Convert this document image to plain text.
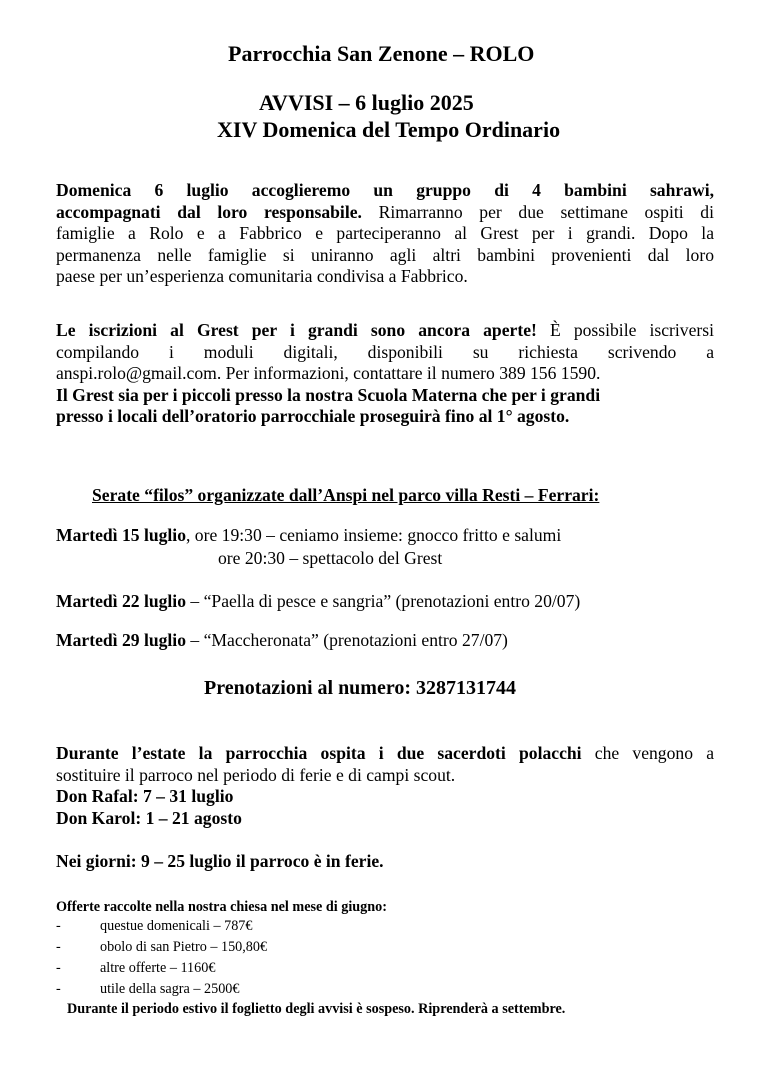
Parrocchia San Zenone – ROLO
AVVISI – 6 luglio 2025
XIV Domenica del Tempo Ordinario
Domenica 6 luglio accoglieremo un gruppo di 4 bambini sahrawi,
accompagnati dal loro responsabile. Rimarranno per due settimane ospiti di
famiglie a Rolo e a Fabbrico e parteciperanno al Grest per i grandi. Dopo la
permanenza nelle famiglie si uniranno agli altri bambini provenienti dal loro
paese per un’esperienza comunitaria condivisa a Fabbrico.
Le iscrizioni al Grest per i grandi sono ancora aperte! È possibile iscriversi
compilando i moduli digitali, disponibili su richiesta scrivendo a
anspi.rolo@gmail.com. Per informazioni, contattare il numero 389 156 1590.
Il Grest sia per i piccoli presso la nostra Scuola Materna che per i grandi
presso i locali dell’oratorio parrocchiale proseguirà fino al 1° agosto.
Serate “filos” organizzate dall’Anspi nel parco villa Resti – Ferrari:
Martedì 15 luglio, ore 19:30 – ceniamo insieme: gnocco fritto e salumi
ore 20:30 – spettacolo del Grest
Martedì 22 luglio – “Paella di pesce e sangria” (prenotazioni entro 20/07)
Martedì 29 luglio – “Maccheronata” (prenotazioni entro 27/07)
Prenotazioni al numero: 3287131744
Durante l’estate la parrocchia ospita i due sacerdoti polacchi che vengono a
sostituire il parroco nel periodo di ferie e di campi scout.
Don Rafal: 7 – 31 luglio
Don Karol: 1 – 21 agosto
Nei giorni: 9 – 25 luglio il parroco è in ferie.
Offerte raccolte nella nostra chiesa nel mese di giugno:
-	questue domenicali – 787€
-	obolo di san Pietro – 150,80€
-	altre offerte – 1160€
-	utile della sagra – 2500€
Durante il periodo estivo il foglietto degli avvisi è sospeso. Riprenderà a settembre.
